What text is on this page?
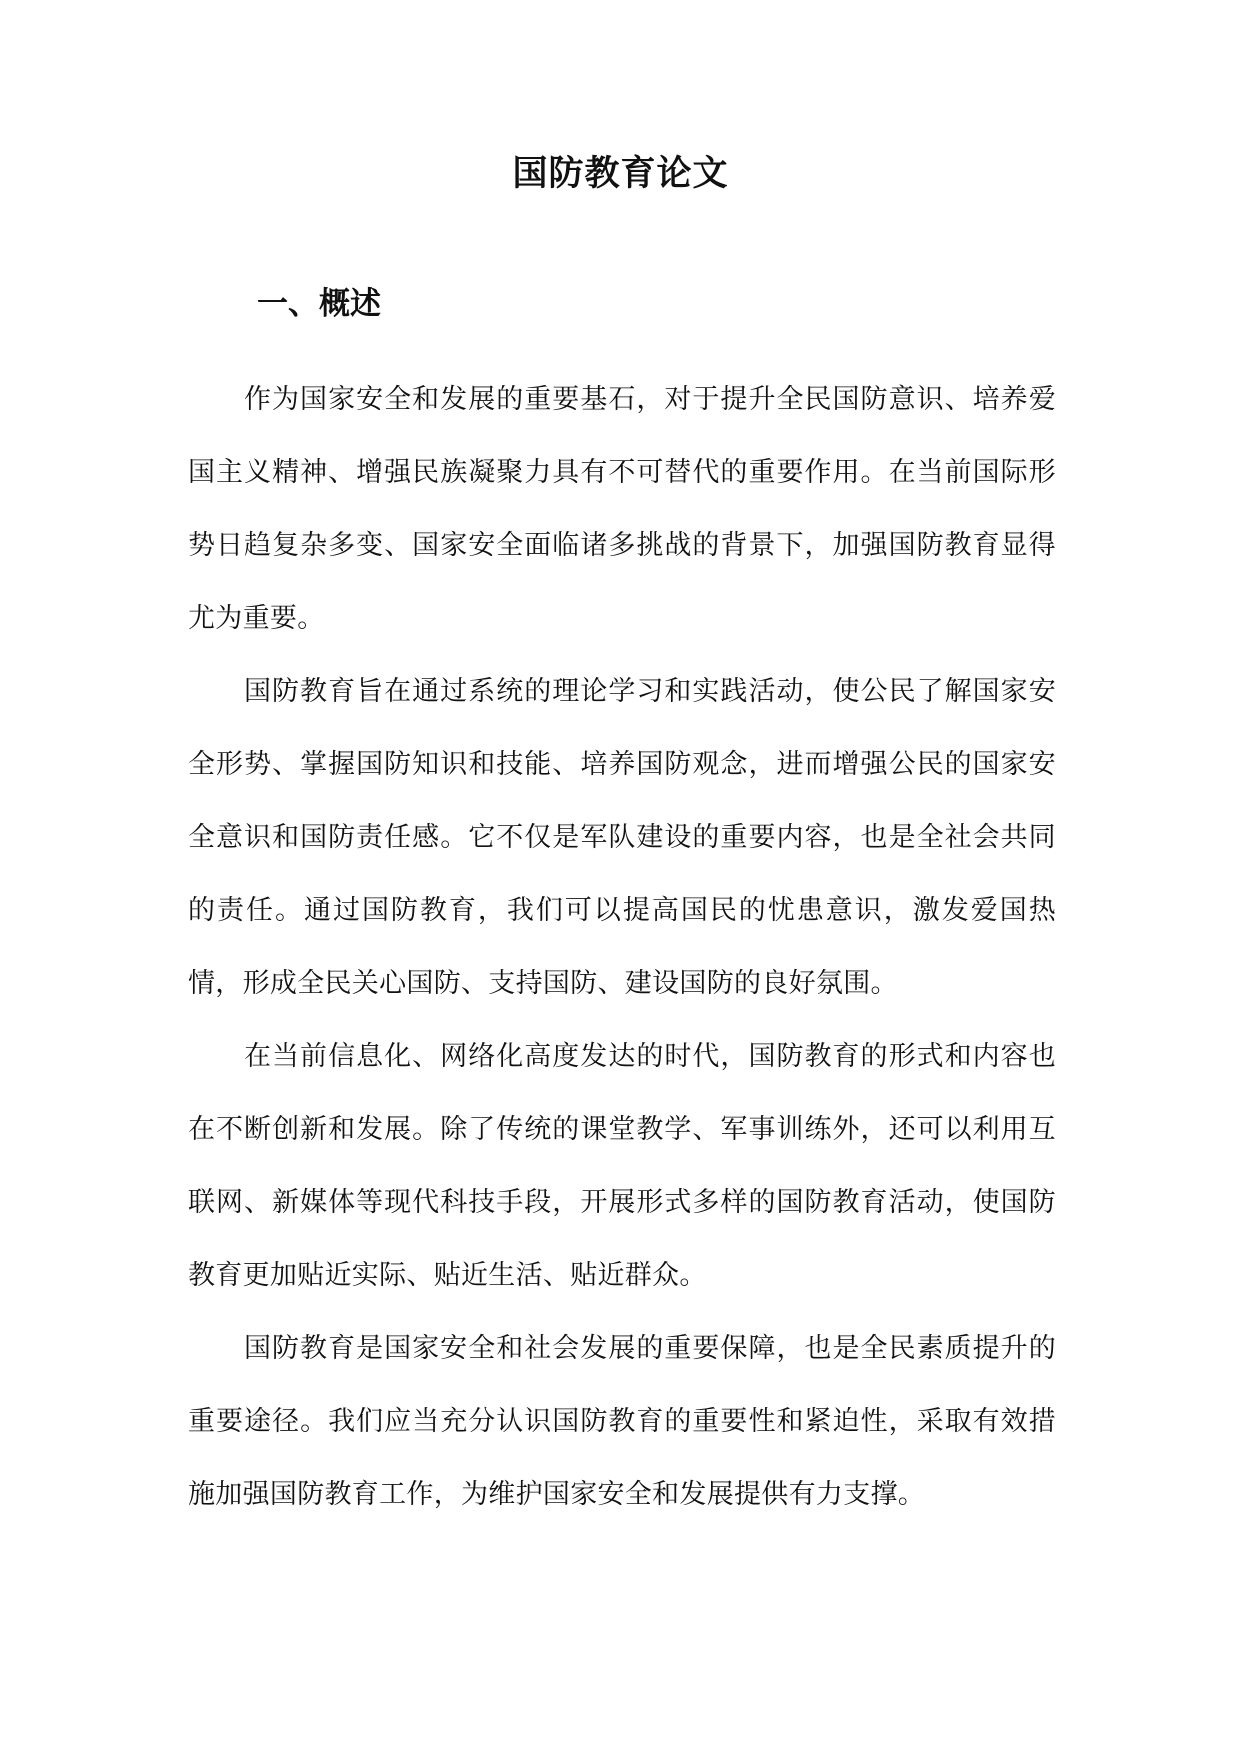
国防教育论文
一、概述

作为国家安全和发展的重要基石，对于提升全民国防意识、培养爱国主义精神、增强民族凝聚力具有不可替代的重要作用。在当前国际形势日趋复杂多变、国家安全面临诸多挑战的背景下，加强国防教育显得尤为重要。

国防教育旨在通过系统的理论学习和实践活动，使公民了解国家安全形势、掌握国防知识和技能、培养国防观念，进而增强公民的国家安全意识和国防责任感。它不仅是军队建设的重要内容，也是全社会共同的责任。通过国防教育，我们可以提高国民的忧患意识，激发爱国热情，形成全民关心国防、支持国防、建设国防的良好氛围。

在当前信息化、网络化高度发达的时代，国防教育的形式和内容也在不断创新和发展。除了传统的课堂教学、军事训练外，还可以利用互联网、新媒体等现代科技手段，开展形式多样的国防教育活动，使国防教育更加贴近实际、贴近生活、贴近群众。

国防教育是国家安全和社会发展的重要保障，也是全民素质提升的重要途径。我们应当充分认识国防教育的重要性和紧迫性，采取有效措施加强国防教育工作，为维护国家安全和发展提供有力支撑。
